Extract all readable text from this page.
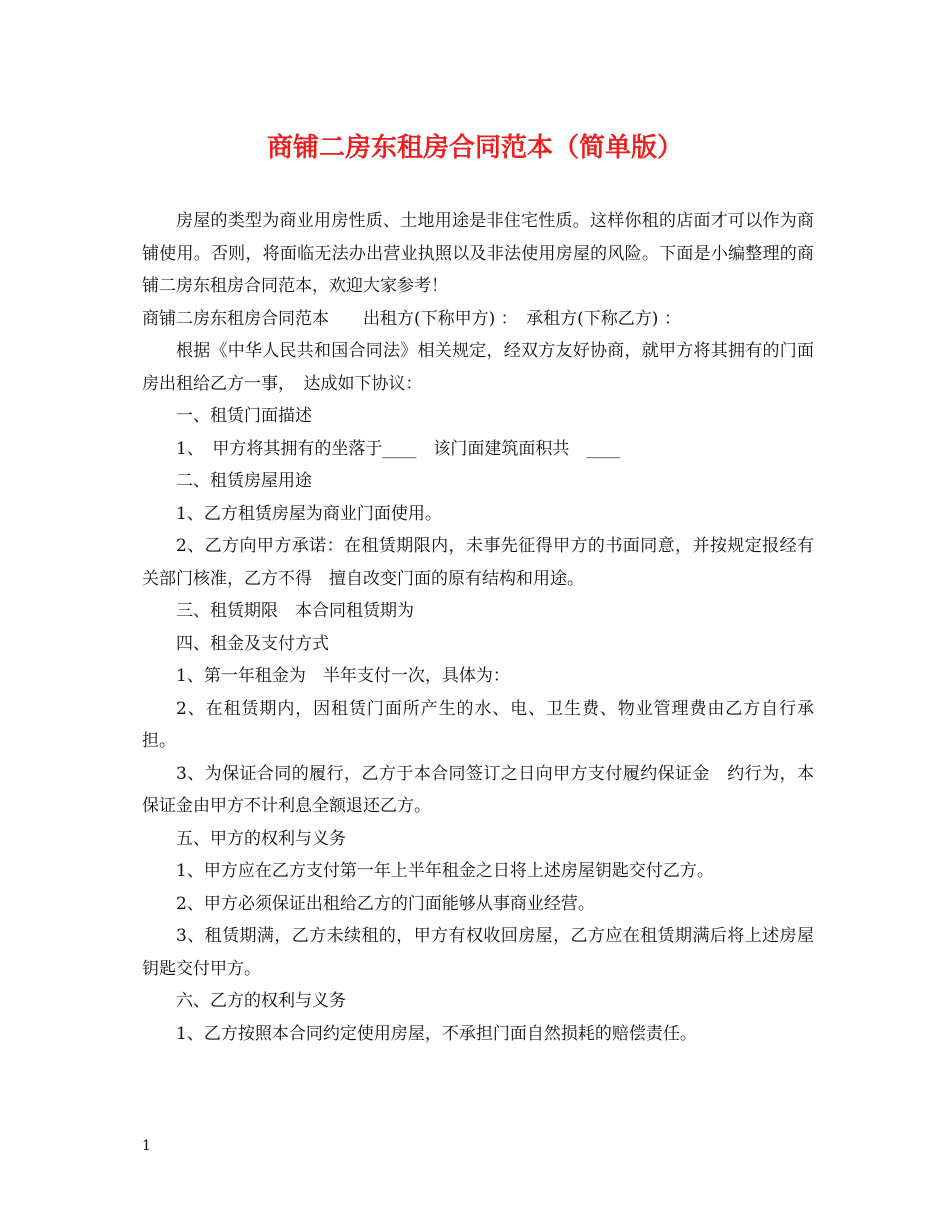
商铺二房东租房合同范本（简单版）

房屋的类型为商业用房性质、土地用途是非住宅性质。这样你租的店面才可以作为商铺使用。否则，将面临无法办出营业执照以及非法使用房屋的风险。下面是小编整理的商铺二房东租房合同范本，欢迎大家参考！

商铺二房东租房合同范本　　出租方(下称甲方) ：　承租方(下称乙方) ：

根据《中华人民共和国合同法》相关规定，经双方友好协商，就甲方将其拥有的门面房出租给乙方一事，　达成如下协议：

一、租赁门面描述

1、　甲方将其拥有的坐落于____　该门面建筑面积共　____

二、租赁房屋用途

1、乙方租赁房屋为商业门面使用。

2、乙方向甲方承诺：在租赁期限内，未事先征得甲方的书面同意，并按规定报经有关部门核准，乙方不得　擅自改变门面的原有结构和用途。

三、租赁期限　本合同租赁期为

四、租金及支付方式

1、第一年租金为　半年支付一次，具体为：

2、在租赁期内，因租赁门面所产生的水、电、卫生费、物业管理费由乙方自行承担。

3、为保证合同的履行，乙方于本合同签订之日向甲方支付履约保证金　约行为，本保证金由甲方不计利息全额退还乙方。

五、甲方的权利与义务

1、甲方应在乙方支付第一年上半年租金之日将上述房屋钥匙交付乙方。

2、甲方必须保证出租给乙方的门面能够从事商业经营。

3、租赁期满，乙方未续租的，甲方有权收回房屋，乙方应在租赁期满后将上述房屋钥匙交付甲方。

六、乙方的权利与义务

1、乙方按照本合同约定使用房屋，不承担门面自然损耗的赔偿责任。

1
